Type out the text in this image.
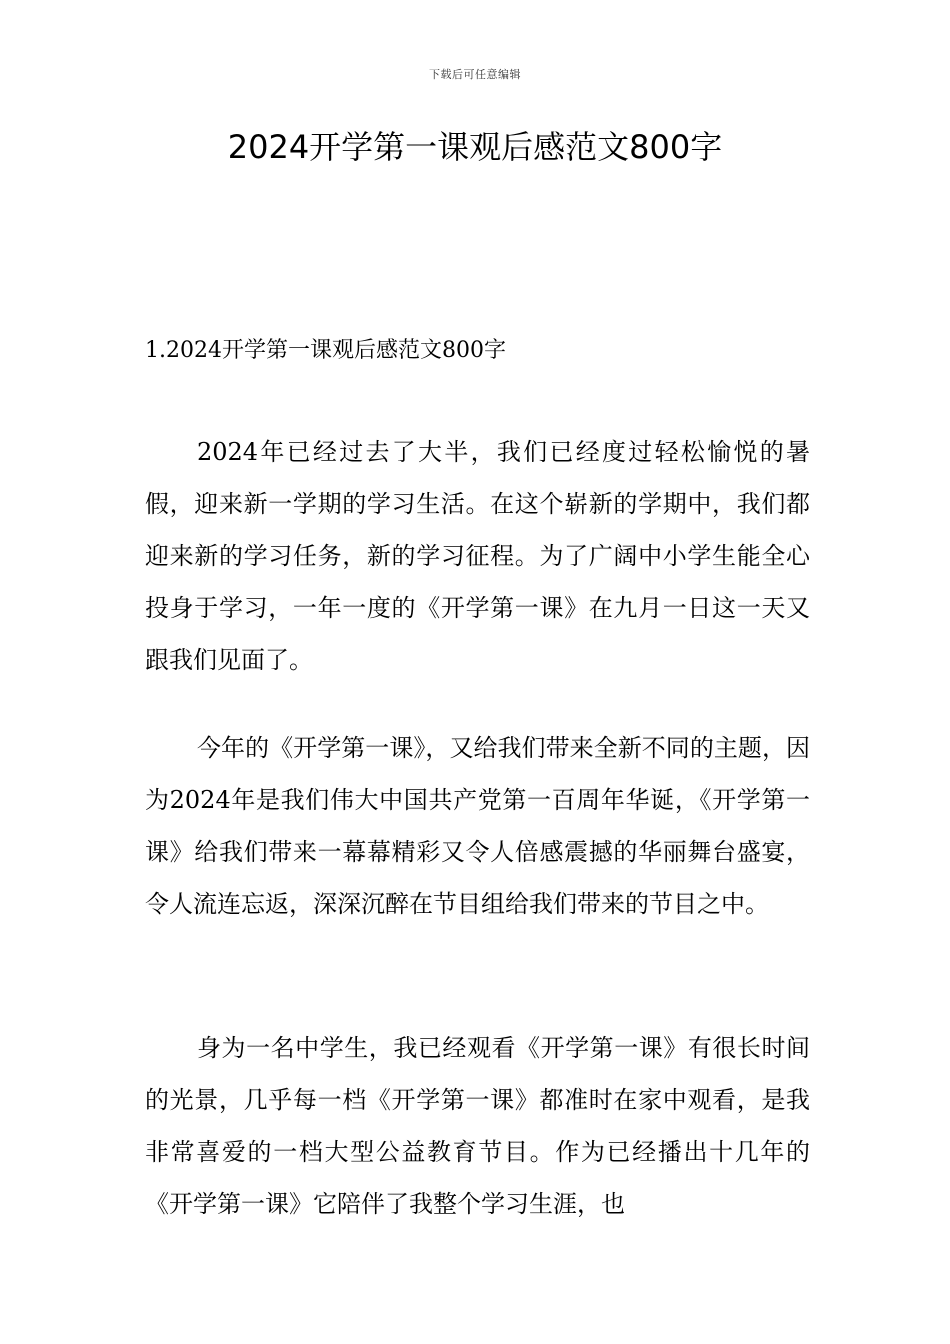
下载后可任意编辑
2024开学第一课观后感范文800字
1.2024开学第一课观后感范文800字

2024年已经过去了大半，我们已经度过轻松愉悦的暑假，迎来新一学期的学习生活。在这个崭新的学期中，我们都迎来新的学习任务，新的学习征程。为了广阔中小学生能全心投身于学习，一年一度的《开学第一课》在九月一日这一天又跟我们见面了。

今年的《开学第一课》，又给我们带来全新不同的主题，因为2024年是我们伟大中国共产党第一百周年华诞，《开学第一课》给我们带来一幕幕精彩又令人倍感震撼的华丽舞台盛宴，令人流连忘返，深深沉醉在节目组给我们带来的节目之中。

身为一名中学生，我已经观看《开学第一课》有很长时间的光景，几乎每一档《开学第一课》都准时在家中观看，是我非常喜爱的一档大型公益教育节目。作为已经播出十几年的《开学第一课》它陪伴了我整个学习生涯，也
